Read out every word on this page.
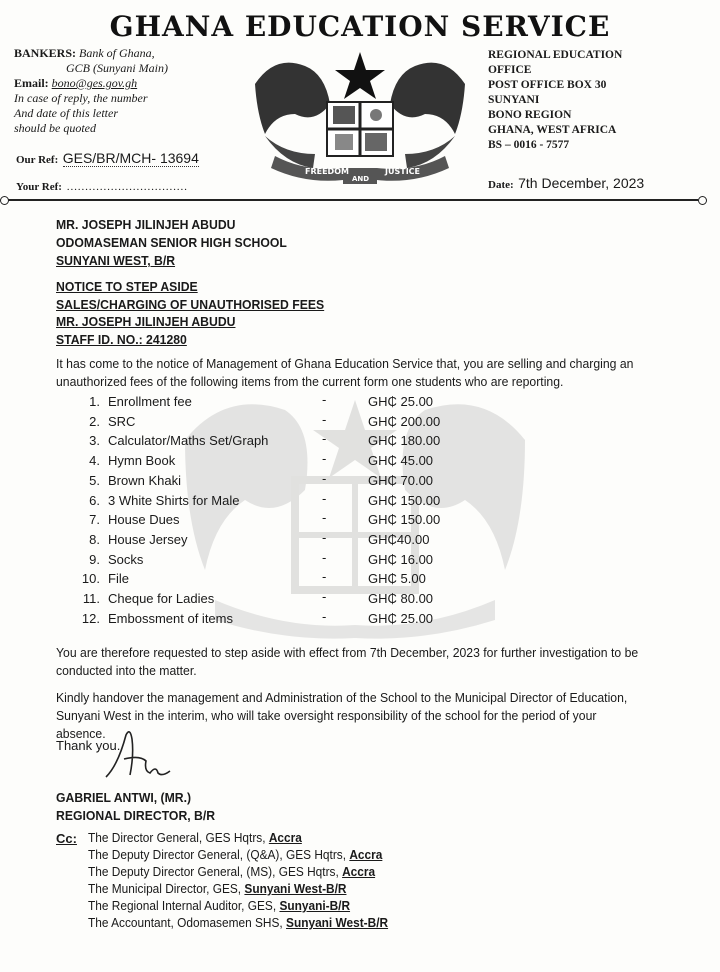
GHANA EDUCATION SERVICE
BANKERS: Bank of Ghana,
GCB (Sunyani Main)
Email: bono@ges.gov.gh
In case of reply, the number
And date of this letter
should be quoted
REGIONAL EDUCATION
OFFICE
POST OFFICE BOX 30
SUNYANI
BONO REGION
GHANA, WEST AFRICA
BS – 0016 - 7577
FREEDOM
AND
JUSTICE
Our Ref: GES/BR/MCH- 13694
Your Ref: ……………………………	Date: 7th December, 2023
MR. JOSEPH JILINJEH ABUDU
ODOMASEMAN SENIOR HIGH SCHOOL
SUNYANI WEST, B/R
NOTICE TO STEP ASIDE
SALES/CHARGING OF UNAUTHORISED FEES
MR. JOSEPH JILINJEH ABUDU
STAFF ID. NO.: 241280
It has come to the notice of Management of Ghana Education Service that, you are selling and charging an unauthorized fees of the following items from the current form one students who are reporting.
1. Enrollment fee	-	GH₵ 25.00
2. SRC	-	GH₵ 200.00
3. Calculator/Maths Set/Graph	-	GH₵ 180.00
4. Hymn Book	-	GH₵ 45.00
5. Brown Khaki	-	GH₵ 70.00
6. 3 White Shirts for Male	-	GH₵ 150.00
7. House Dues	-	GH₵ 150.00
8. House Jersey	-	GH₵40.00
9. Socks	-	GH₵ 16.00
10. File	-	GH₵ 5.00
11. Cheque for Ladies	-	GH₵ 80.00
12. Embossment of items	-	GH₵ 25.00
You are therefore requested to step aside with effect from 7th December, 2023 for further investigation to be conducted into the matter.
Kindly handover the management and Administration of the School to the Municipal Director of Education, Sunyani West in the interim, who will take oversight responsibility of the school for the period of your absence.
Thank you.
GABRIEL ANTWI, (MR.)
REGIONAL DIRECTOR, B/R
Cc: The Director General, GES Hqtrs, Accra
The Deputy Director General, (Q&A), GES Hqtrs, Accra
The Deputy Director General, (MS), GES Hqtrs, Accra
The Municipal Director, GES, Sunyani West-B/R
The Regional Internal Auditor, GES, Sunyani-B/R
The Accountant, Odomasemen SHS, Sunyani West-B/R
